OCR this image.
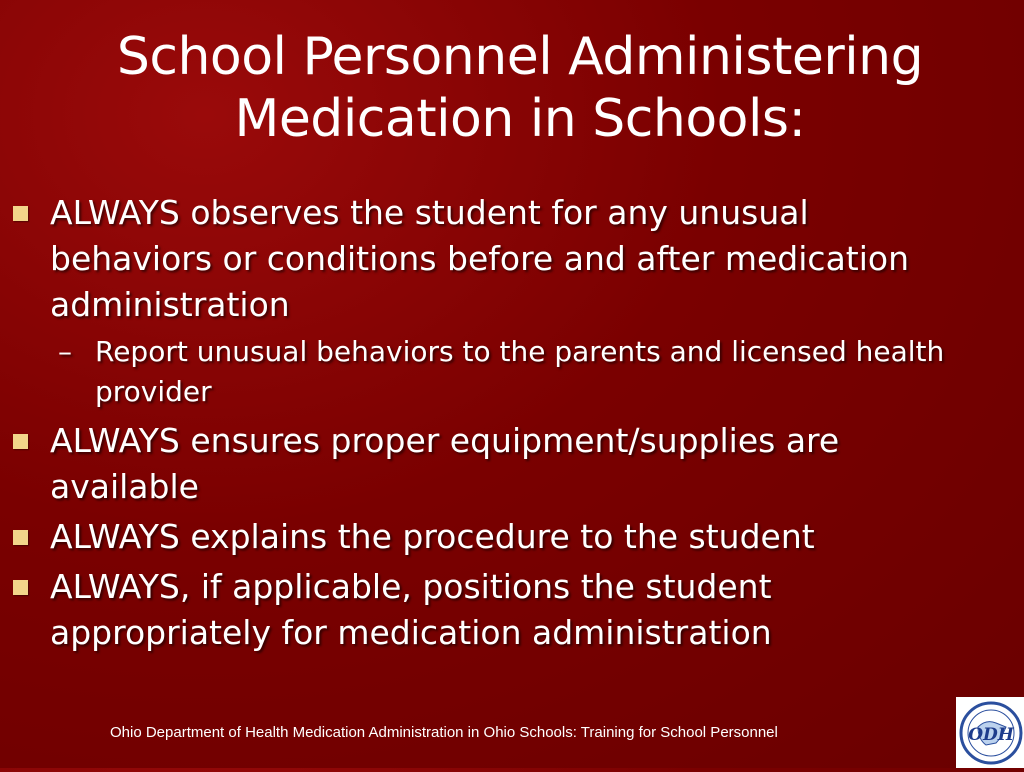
School Personnel Administering Medication in Schools:
ALWAYS observes the student for any unusual behaviors or conditions before and after medication administration
– Report unusual behaviors to the parents and licensed health provider
ALWAYS ensures proper equipment/supplies are available
ALWAYS explains the procedure to the student
ALWAYS, if applicable, positions the student appropriately for medication administration
Ohio Department of Health Medication Administration in Ohio Schools: Training for School Personnel	ODH
